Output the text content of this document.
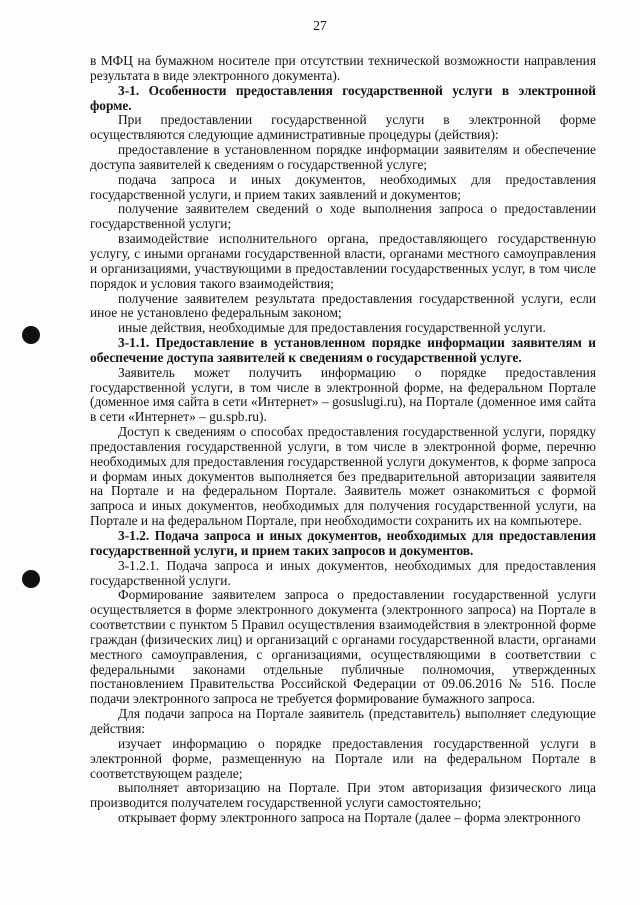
27

в МФЦ на бумажном носителе при отсутствии технической возможности направления результата в виде электронного документа).

3-1. Особенности предоставления государственной услуги в электронной форме.

При предоставлении государственной услуги в электронной форме осуществляются следующие административные процедуры (действия):

предоставление в установленном порядке информации заявителям и обеспечение доступа заявителей к сведениям о государственной услуге;

подача запроса и иных документов, необходимых для предоставления государственной услуги, и прием таких заявлений и документов;

получение заявителем сведений о ходе выполнения запроса о предоставлении государственной услуги;

взаимодействие исполнительного органа, предоставляющего государственную услугу, с иными органами государственной власти, органами местного самоуправления и организациями, участвующими в предоставлении государственных услуг, в том числе порядок и условия такого взаимодействия;

получение заявителем результата предоставления государственной услуги, если иное не установлено федеральным законом;

иные действия, необходимые для предоставления государственной услуги.

3-1.1. Предоставление в установленном порядке информации заявителям и обеспечение доступа заявителей к сведениям о государственной услуге.

Заявитель может получить информацию о порядке предоставления государственной услуги, в том числе в электронной форме, на федеральном Портале (доменное имя сайта в сети «Интернет» – gosuslugi.ru), на Портале (доменное имя сайта в сети «Интернет» – gu.spb.ru).

Доступ к сведениям о способах предоставления государственной услуги, порядку предоставления государственной услуги, в том числе в электронной форме, перечню необходимых для предоставления государственной услуги документов, к форме запроса и формам иных документов выполняется без предварительной авторизации заявителя на Портале и на федеральном Портале. Заявитель может ознакомиться с формой запроса и иных документов, необходимых для получения государственной услуги, на Портале и на федеральном Портале, при необходимости сохранить их на компьютере.

3-1.2. Подача запроса и иных документов, необходимых для предоставления государственной услуги, и прием таких запросов и документов.

3-1.2.1. Подача запроса и иных документов, необходимых для предоставления государственной услуги.

Формирование заявителем запроса о предоставлении государственной услуги осуществляется в форме электронного документа (электронного запроса) на Портале в соответствии с пунктом 5 Правил осуществления взаимодействия в электронной форме граждан (физических лиц) и организаций с органами государственной власти, органами местного самоуправления, с организациями, осуществляющими в соответствии с федеральными законами отдельные публичные полномочия, утвержденных постановлением Правительства Российской Федерации от 09.06.2016 № 516. После подачи электронного запроса не требуется формирование бумажного запроса.

Для подачи запроса на Портале заявитель (представитель) выполняет следующие действия:

изучает информацию о порядке предоставления государственной услуги в электронной форме, размещенную на Портале или на федеральном Портале в соответствующем разделе;

выполняет авторизацию на Портале. При этом авторизация физического лица производится получателем государственной услуги самостоятельно;

открывает форму электронного запроса на Портале (далее – форма электронного
